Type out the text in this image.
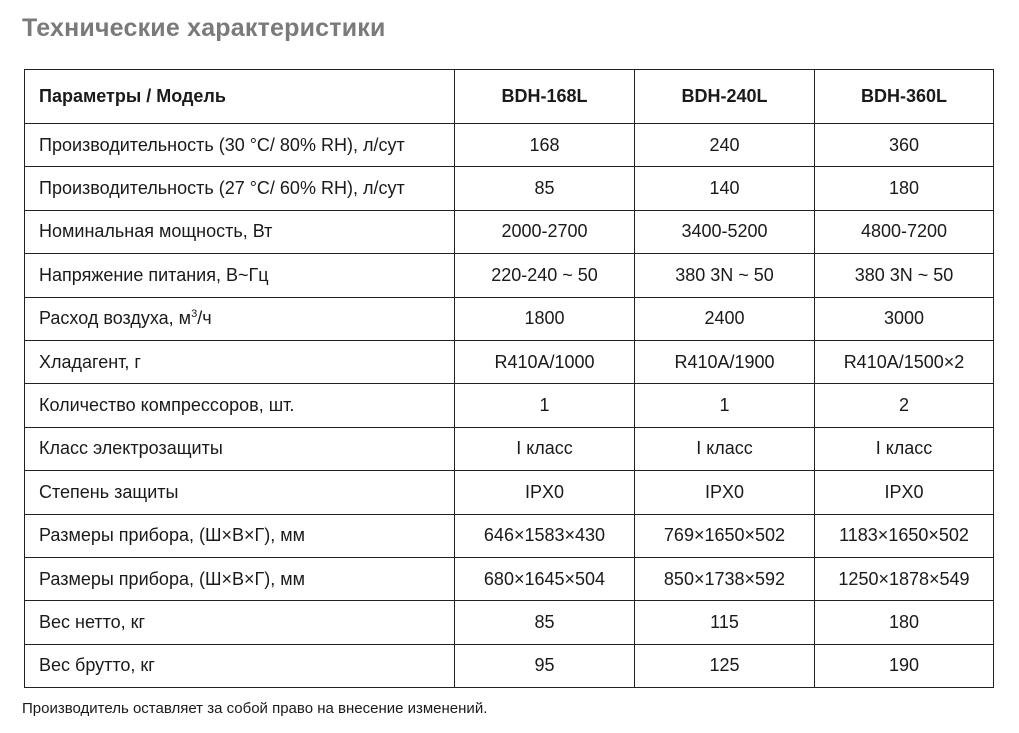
Технические характеристики
Параметры / Модель	BDH-168L	BDH-240L	BDH-360L
Производительность (30 °C/ 80% RH), л/сут	168	240	360
Производительность (27 °C/ 60% RH), л/сут	85	140	180
Номинальная мощность, Вт	2000-2700	3400-5200	4800-7200
Напряжение питания, В~Гц	220-240 ~ 50	380 3N ~ 50	380 3N ~ 50
Расход воздуха, $м^3/ч$	1800	2400	3000
Хладагент, г	R410A/1000	R410A/1900	R410A/1500×2
Количество компрессоров, шт.	1	1	2
Класс электрозащиты	I класс	I класс	I класс
Степень защиты	IPX0	IPX0	IPX0
Размеры прибора, (Ш×В×Г), мм	646×1583×430	769×1650×502	1183×1650×502
Размеры прибора, (Ш×В×Г), мм	680×1645×504	850×1738×592	1250×1878×549
Вес нетто, кг	85	115	180
Вес брутто, кг	95	125	190
Производитель оставляет за собой право на внесение изменений.
